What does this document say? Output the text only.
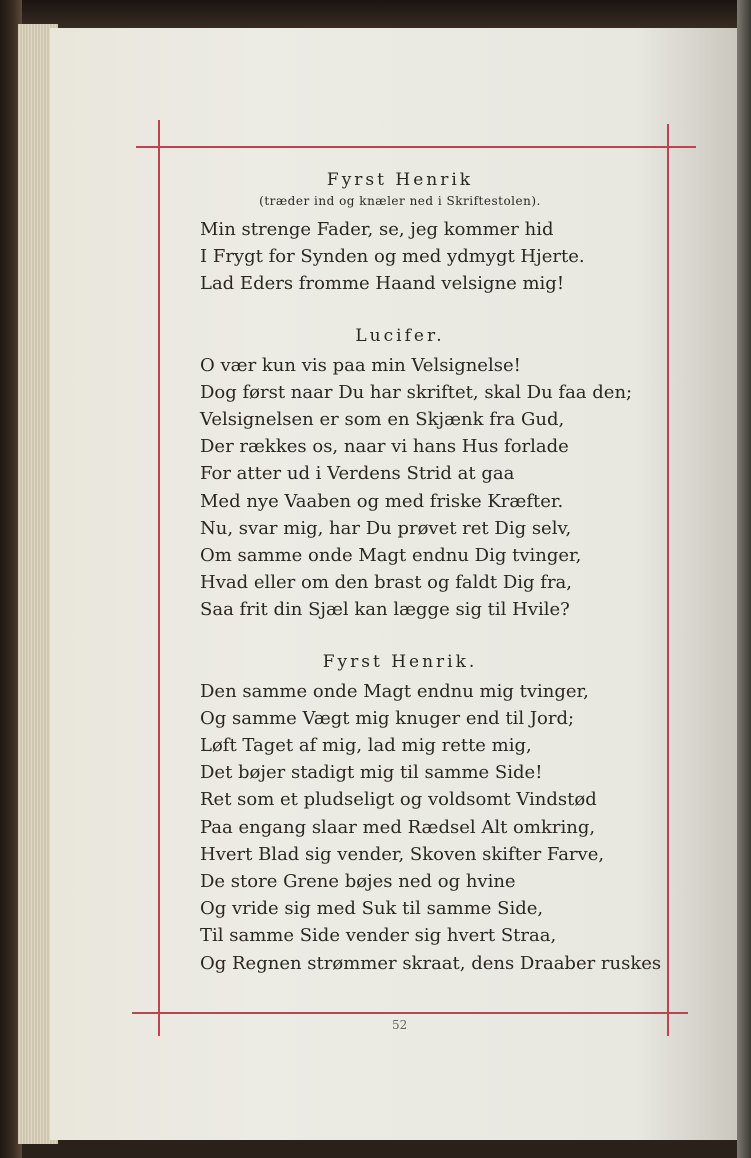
Fyrst Henrik
(træder ind og knæler ned i Skriftestolen).
Min strenge Fader, se, jeg kommer hid
I Frygt for Synden og med ydmygt Hjerte.
Lad Eders fromme Haand velsigne mig!
Lucifer.
O vær kun vis paa min Velsignelse!
Dog først naar Du har skriftet, skal Du faa den;
Velsignelsen er som en Skjænk fra Gud,
Der rækkes os, naar vi hans Hus forlade
For atter ud i Verdens Strid at gaa
Med nye Vaaben og med friske Kræfter.
Nu, svar mig, har Du prøvet ret Dig selv,
Om samme onde Magt endnu Dig tvinger,
Hvad eller om den brast og faldt Dig fra,
Saa frit din Sjæl kan lægge sig til Hvile?
Fyrst Henrik.
Den samme onde Magt endnu mig tvinger,
Og samme Vægt mig knuger end til Jord;
Løft Taget af mig, lad mig rette mig,
Det bøjer stadigt mig til samme Side!
Ret som et pludseligt og voldsomt Vindstød
Paa engang slaar med Rædsel Alt omkring,
Hvert Blad sig vender, Skoven skifter Farve,
De store Grene bøjes ned og hvine
Og vride sig med Suk til samme Side,
Til samme Side vender sig hvert Straa,
Og Regnen strømmer skraat, dens Draaber ruskes
52
